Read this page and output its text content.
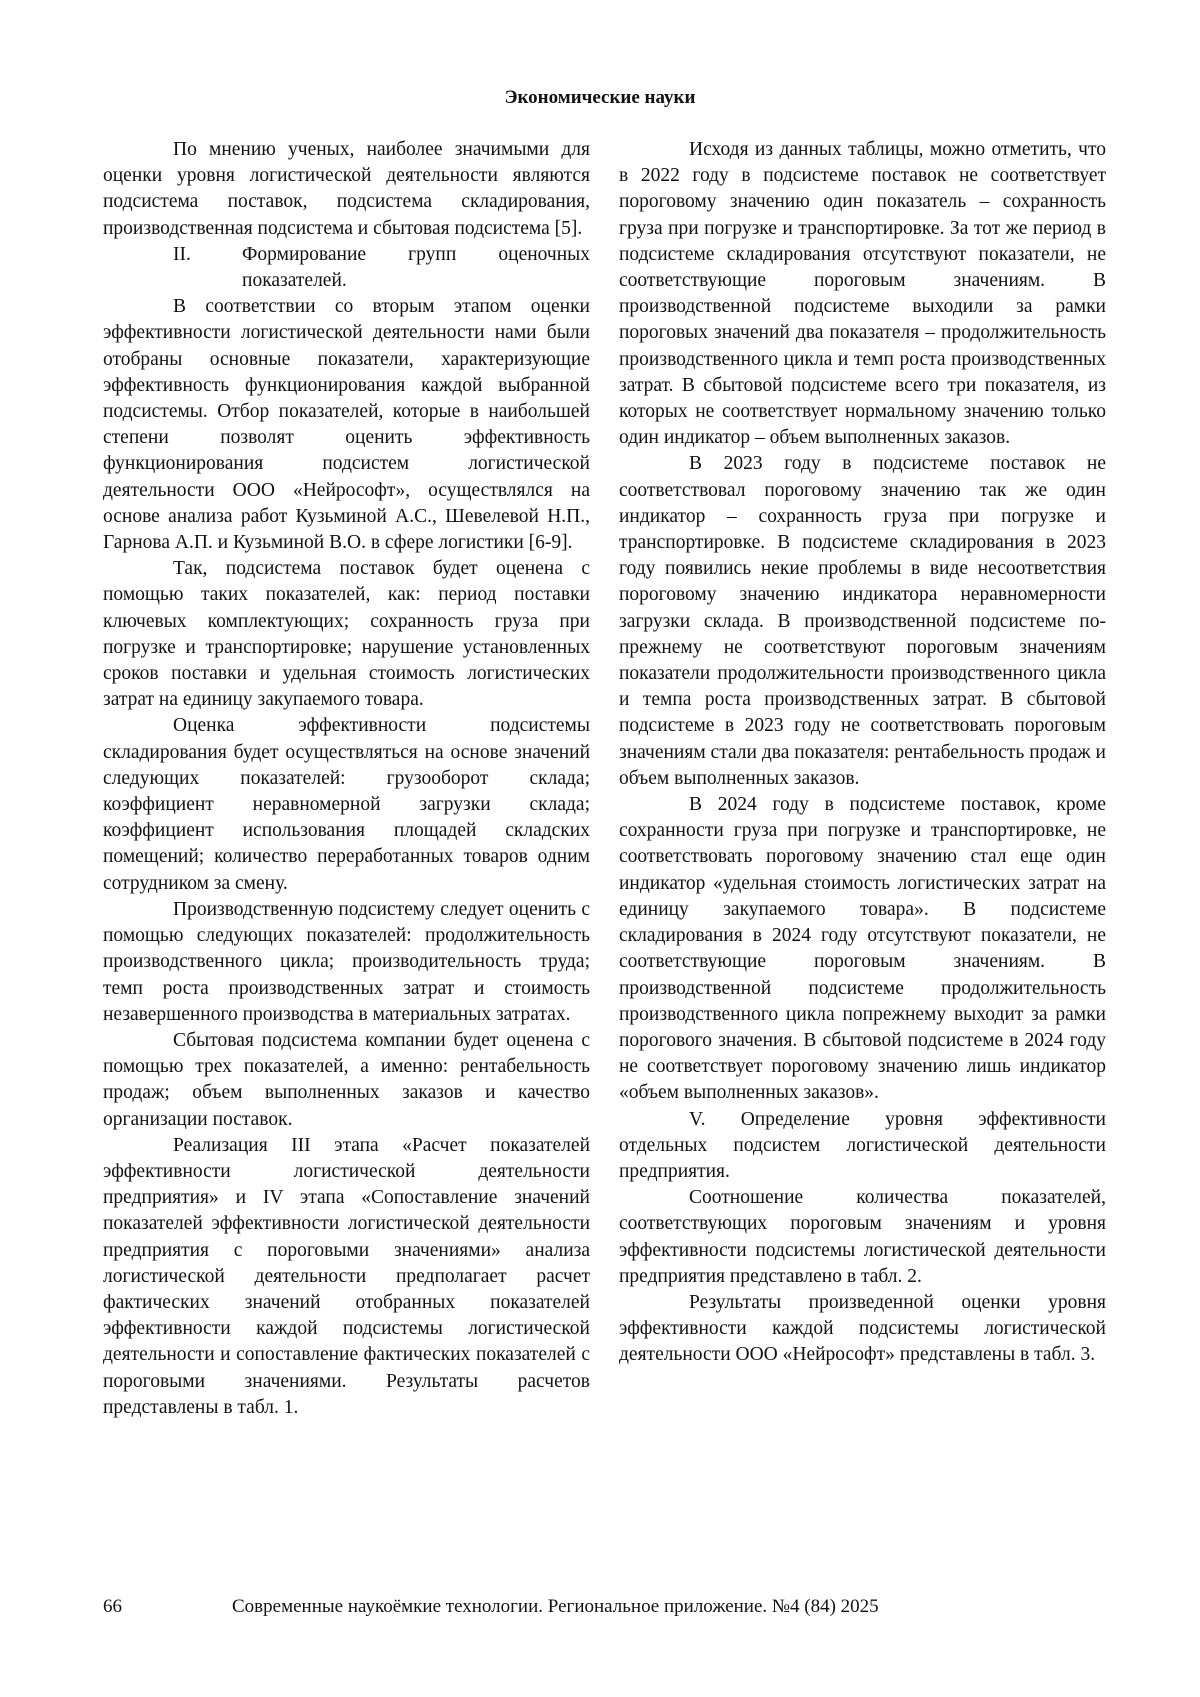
Экономические науки

По мнению ученых, наиболее значимыми для оценки уровня логистической деятельности являются подсистема поставок, подсистема складирования, производственная подсистема и сбытовая подсистема [5].

II.	Формирование групп оценочных показателей.

В соответствии со вторым этапом оценки эффективности логистической деятельности нами были отобраны основные показатели, характеризующие эффективность функционирования каждой выбранной подсистемы. Отбор показателей, которые в наибольшей степени позволят оценить эффективность функционирования подсистем логистической деятельности ООО «Нейрософт», осуществлялся на основе анализа работ Кузьминой А.С., Шевелевой Н.П., Гарнова А.П. и Кузьминой В.О. в сфере логистики [6-9].

Так, подсистема поставок будет оценена с помощью таких показателей, как: период поставки ключевых комплектующих; сохранность груза при погрузке и транспортировке; нарушение установленных сроков поставки и удельная стоимость логистических затрат на единицу закупаемого товара.

Оценка эффективности подсистемы складирования будет осуществляться на основе значений следующих показателей: грузооборот склада; коэффициент неравномерной загрузки склада; коэффициент использования площадей складских помещений; количество переработанных товаров одним сотрудником за смену.

Производственную подсистему следует оценить с помощью следующих показателей: продолжительность производственного цикла; производительность труда; темп роста производственных затрат и стоимость незавершенного производства в материальных затратах.

Сбытовая подсистема компании будет оценена с помощью трех показателей, а именно: рентабельность продаж; объем выполненных заказов и качество организации поставок.

Реализация III этапа «Расчет показателей эффективности логистической деятельности предприятия» и IV этапа «Сопоставление значений показателей эффективности логистической деятельности предприятия с пороговыми значениями» анализа логистической деятельности предполагает расчет фактических значений отобранных показателей эффективности каждой подсистемы логистической деятельности и сопоставление фактических показателей с пороговыми значениями. Результаты расчетов представлены в табл. 1.

Исходя из данных таблицы, можно отметить, что в 2022 году в подсистеме поставок не соответствует пороговому значению один показатель – сохранность груза при погрузке и транспортировке. За тот же период в подсистеме складирования отсутствуют показатели, не соответствующие пороговым значениям. В производственной подсистеме выходили за рамки пороговых значений два показателя – продолжительность производственного цикла и темп роста производственных затрат. В сбытовой подсистеме всего три показателя, из которых не соответствует нормальному значению только один индикатор – объем выполненных заказов.

В 2023 году в подсистеме поставок не соответствовал пороговому значению так же один индикатор – сохранность груза при погрузке и транспортировке. В подсистеме складирования в 2023 году появились некие проблемы в виде несоответствия пороговому значению индикатора неравномерности загрузки склада. В производственной подсистеме по-прежнему не соответствуют пороговым значениям показатели продолжительности производственного цикла и темпа роста производственных затрат. В сбытовой подсистеме в 2023 году не соответствовать пороговым значениям стали два показателя: рентабельность продаж и объем выполненных заказов.

В 2024 году в подсистеме поставок, кроме сохранности груза при погрузке и транспортировке, не соответствовать пороговому значению стал еще один индикатор «удельная стоимость логистических затрат на единицу закупаемого товара». В подсистеме складирования в 2024 году отсутствуют показатели, не соответствующие пороговым значениям. В производственной подсистеме продолжительность производственного цикла попрежнему выходит за рамки порогового значения. В сбытовой подсистеме в 2024 году не соответствует пороговому значению лишь индикатор «объем выполненных заказов».

V. Определение уровня эффективности отдельных подсистем логистической деятельности предприятия.

Соотношение количества показателей, соответствующих пороговым значениям и уровня эффективности подсистемы логистической деятельности предприятия представлено в табл. 2.

Результаты произведенной оценки уровня эффективности каждой подсистемы логистической деятельности ООО «Нейрософт» представлены в табл. 3.

66	Современные наукоёмкие технологии. Региональное приложение. №4 (84) 2025
